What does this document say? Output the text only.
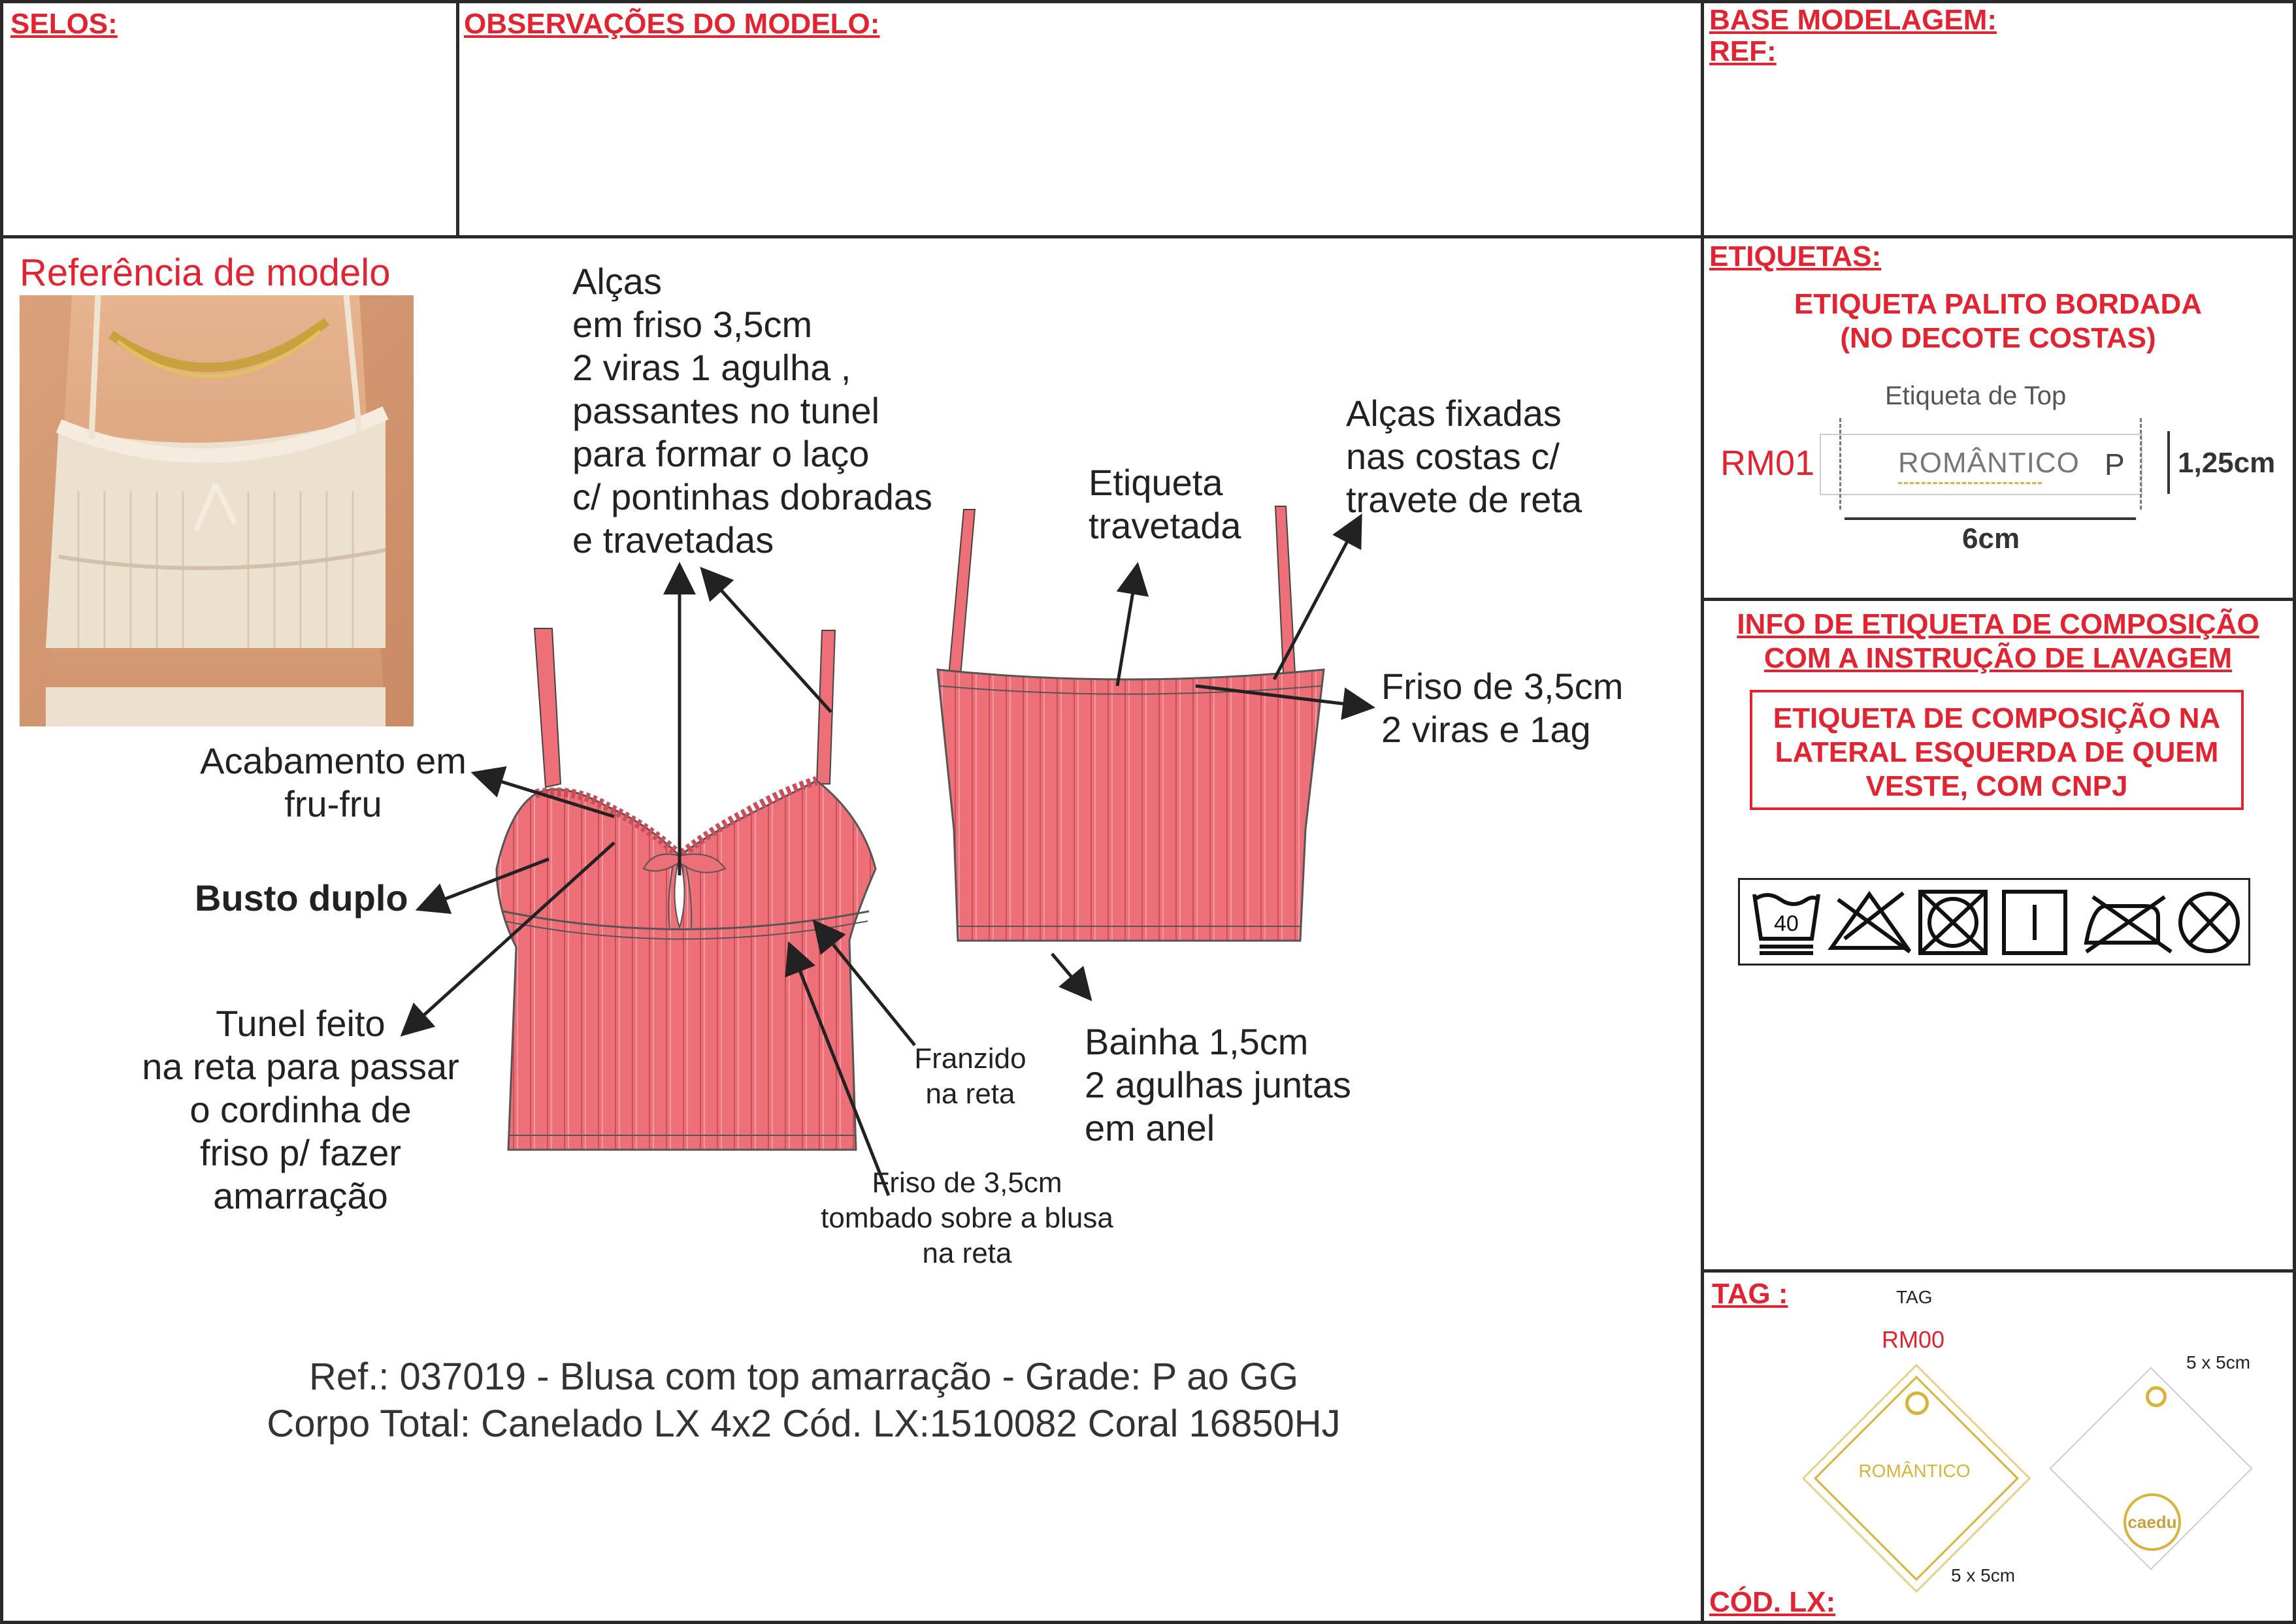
SELOS:	OBSERVAÇÕES DO MODELO:	BASE MODELAGEM:
REF:
Referência de modelo	Alças
em friso 3,5cm
2 viras 1 agulha ,
passantes no tunel
para formar o laço
c/ pontinhas dobradas
e travetadas
Etiqueta
travetada
Alças fixadas
nas costas c/
travete de reta
Friso de 3,5cm
2 viras e 1ag
Acabamento em
fru-fru
Busto duplo
Tunel feito
na reta para passar
o cordinha de
friso p/ fazer
amarração
Franzido
na reta
Bainha 1,5cm
2 agulhas juntas
em anel
Friso de 3,5cm
tombado sobre a blusa
na reta
Ref.: 037019 - Blusa com top amarração - Grade: P ao GG
Corpo Total: Canelado LX 4x2 Cód. LX:1510082 Coral 16850HJ
ETIQUETAS:
ETIQUETA PALITO BORDADA
(NO DECOTE COSTAS)
Etiqueta de Top
RM01	ROMÂNTICO P 1,25cm
6cm
INFO DE ETIQUETA DE COMPOSIÇÃO
COM A INSTRUÇÃO DE LAVAGEM
ETIQUETA DE COMPOSIÇÃO NA
LATERAL ESQUERDA DE QUEM
VESTE, COM CNPJ
40
TAG :	TAG
RM00
ROMÂNTICO
5 x 5cm
caedu
5 x 5cm
CÓD. LX:
